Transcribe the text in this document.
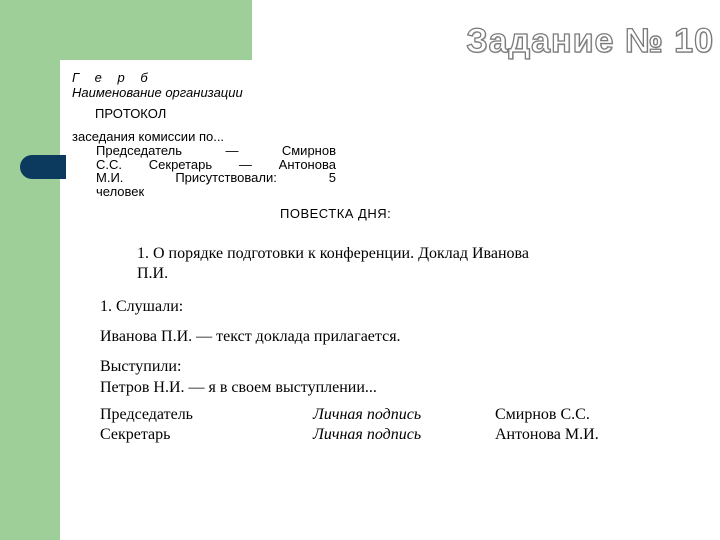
Задание № 10
Г е р б
Наименование организации
ПРОТОКОЛ
заседания комиссии по...
Председатель	—	Смирнов
С.С. Секретарь — Антонова
М.И.	Присутствовали:	5
человек
ПОВЕСТКА ДНЯ:
1. О порядке подготовки к конференции. Доклад Иванова
П.И.
1. Слушали:
Иванова П.И. — текст доклада прилагается.
Выступили:
Петров Н.И. — я в своем выступлении...
Председатель	Личная подпись	Смирнов С.С.
Секретарь	Личная подпись	Антонова М.И.
